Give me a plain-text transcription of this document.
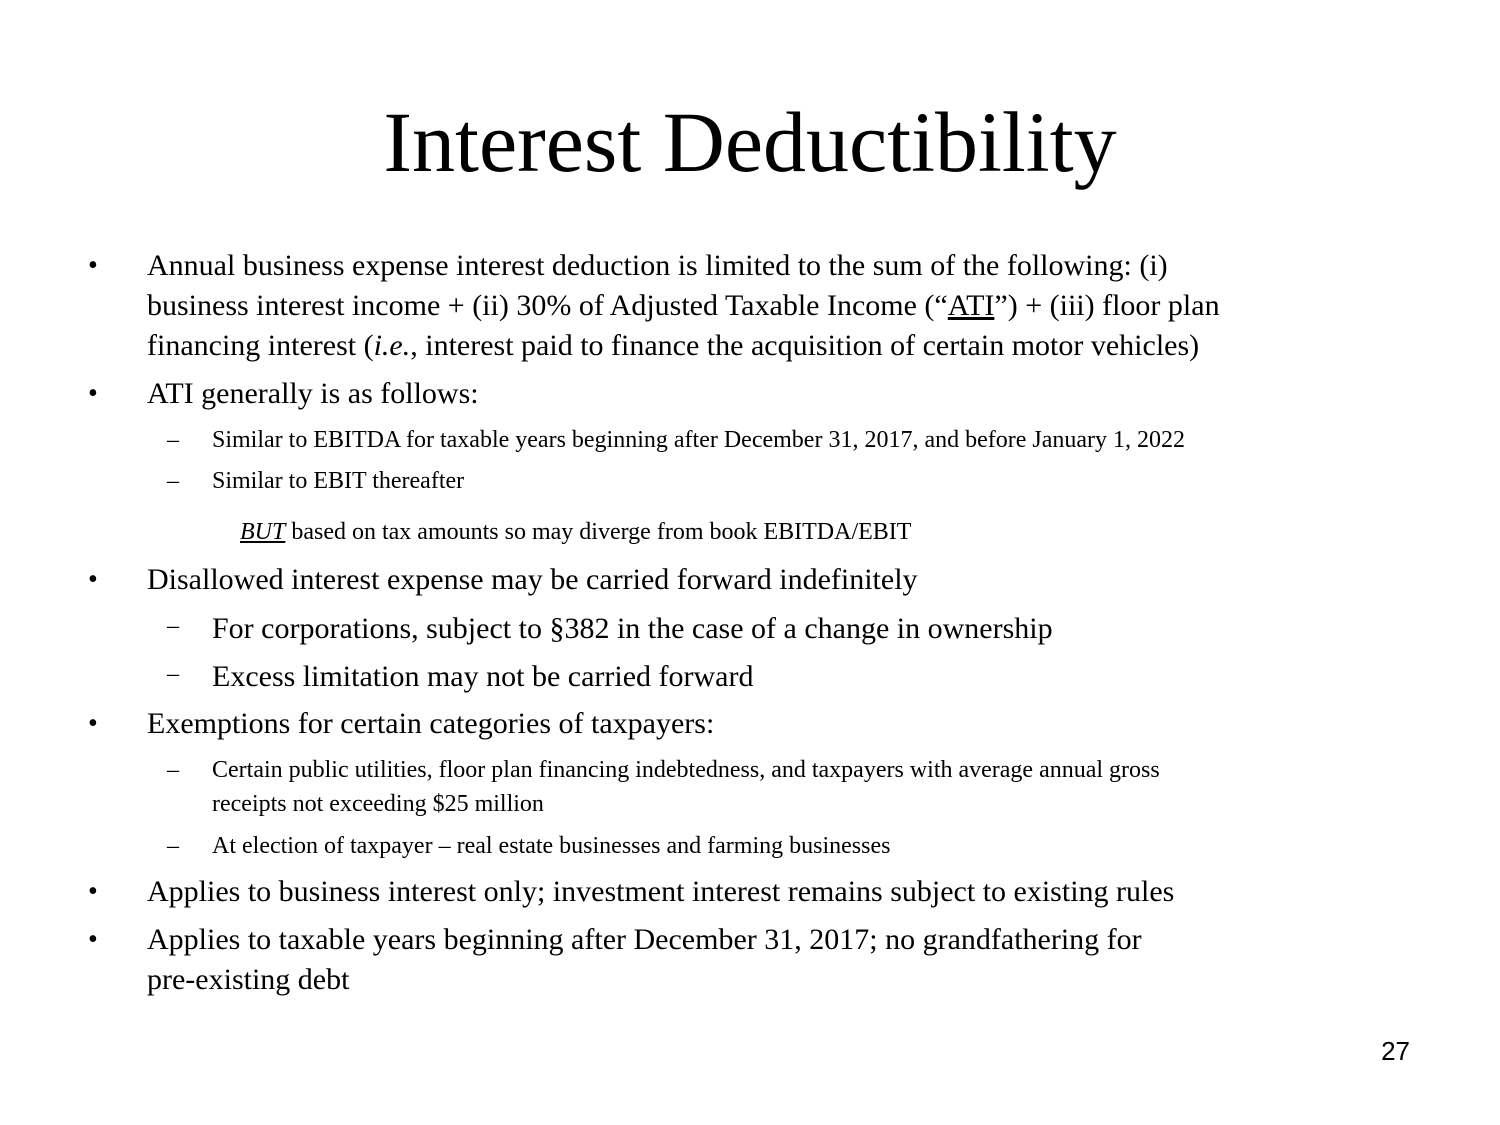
Interest Deductibility
• Annual business expense interest deduction is limited to the sum of the following: (i)
business interest income + (ii) 30% of Adjusted Taxable Income (“ATI”) + (iii) floor plan
financing interest (i.e., interest paid to finance the acquisition of certain motor vehicles)
• ATI generally is as follows:
– Similar to EBITDA for taxable years beginning after December 31, 2017, and before January 1, 2022
– Similar to EBIT thereafter
BUT based on tax amounts so may diverge from book EBITDA/EBIT
• Disallowed interest expense may be carried forward indefinitely
– For corporations, subject to §382 in the case of a change in ownership
– Excess limitation may not be carried forward
• Exemptions for certain categories of taxpayers:
– Certain public utilities, floor plan financing indebtedness, and taxpayers with average annual gross
receipts not exceeding $25 million
– At election of taxpayer – real estate businesses and farming businesses
• Applies to business interest only; investment interest remains subject to existing rules
• Applies to taxable years beginning after December 31, 2017; no grandfathering for
pre-existing debt
27
